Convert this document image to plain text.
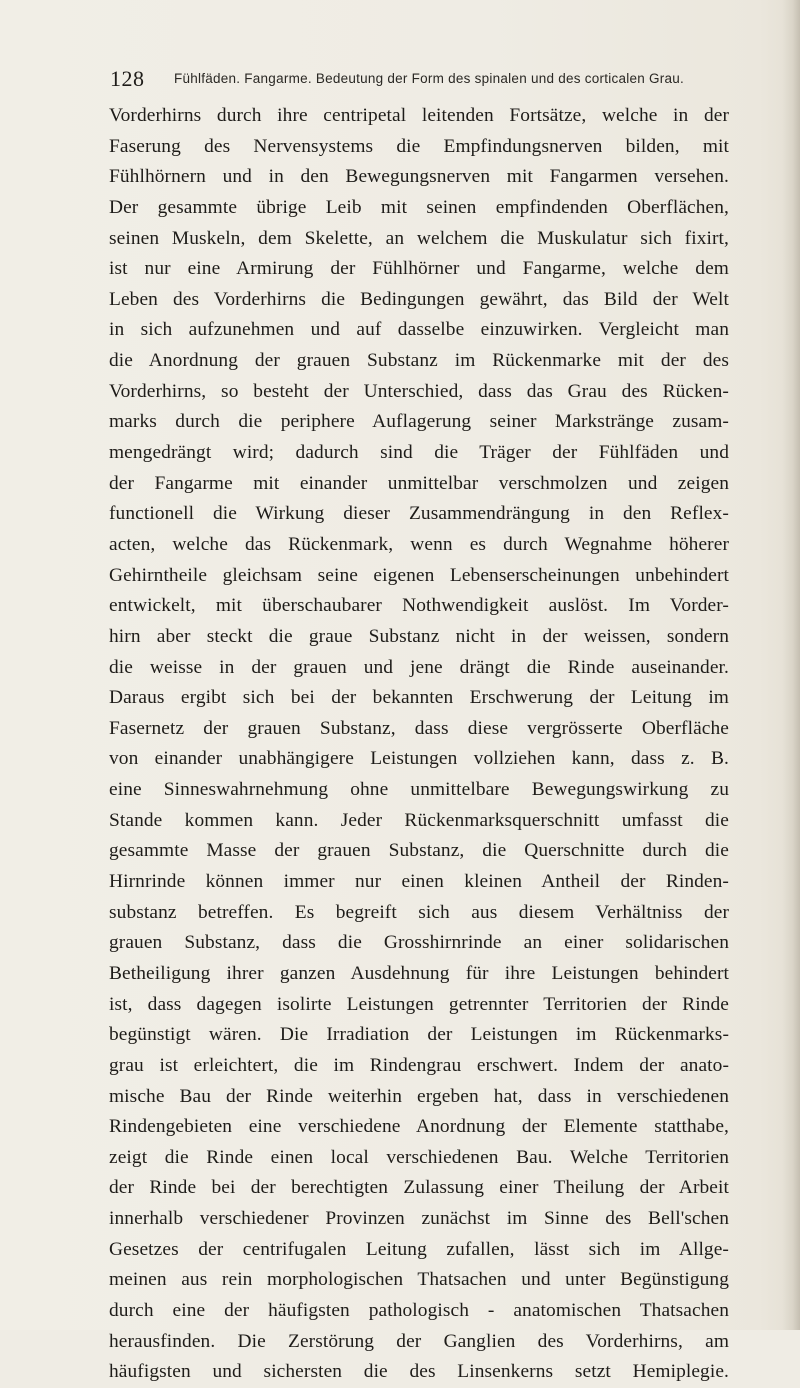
128 Fühlfäden. Fangarme. Bedeutung der Form des spinalen und des corticalen Grau.
Vorderhirns durch ihre centripetal leitenden Fortsätze, welche in der
Faserung des Nervensystems die Empfindungsnerven bilden, mit
Fühlhörnern und in den Bewegungsnerven mit Fangarmen versehen.
Der gesammte übrige Leib mit seinen empfindenden Oberflächen,
seinen Muskeln, dem Skelette, an welchem die Muskulatur sich fixirt,
ist nur eine Armirung der Fühlhörner und Fangarme, welche dem
Leben des Vorderhirns die Bedingungen gewährt, das Bild der Welt
in sich aufzunehmen und auf dasselbe einzuwirken. Vergleicht man
die Anordnung der grauen Substanz im Rückenmarke mit der des
Vorderhirns, so besteht der Unterschied, dass das Grau des Rücken-
marks durch die periphere Auflagerung seiner Markstränge zusam-
mengedrängt wird; dadurch sind die Träger der Fühlfäden und
der Fangarme mit einander unmittelbar verschmolzen und zeigen
functionell die Wirkung dieser Zusammendrängung in den Reflex-
acten, welche das Rückenmark, wenn es durch Wegnahme höherer
Gehirntheile gleichsam seine eigenen Lebenserscheinungen unbehindert
entwickelt, mit überschaubarer Nothwendigkeit auslöst. Im Vorder-
hirn aber steckt die graue Substanz nicht in der weissen, sondern
die weisse in der grauen und jene drängt die Rinde auseinander.
Daraus ergibt sich bei der bekannten Erschwerung der Leitung im
Fasernetz der grauen Substanz, dass diese vergrösserte Oberfläche
von einander unabhängigere Leistungen vollziehen kann, dass z. B.
eine Sinneswahrnehmung ohne unmittelbare Bewegungswirkung zu
Stande kommen kann. Jeder Rückenmarksquerschnitt umfasst die
gesammte Masse der grauen Substanz, die Querschnitte durch die
Hirnrinde können immer nur einen kleinen Antheil der Rinden-
substanz betreffen. Es begreift sich aus diesem Verhältniss der
grauen Substanz, dass die Grosshirnrinde an einer solidarischen
Betheiligung ihrer ganzen Ausdehnung für ihre Leistungen behindert
ist, dass dagegen isolirte Leistungen getrennter Territorien der Rinde
begünstigt wären. Die Irradiation der Leistungen im Rückenmarks-
grau ist erleichtert, die im Rindengrau erschwert. Indem der anato-
mische Bau der Rinde weiterhin ergeben hat, dass in verschiedenen
Rindengebieten eine verschiedene Anordnung der Elemente statthabe,
zeigt die Rinde einen local verschiedenen Bau. Welche Territorien
der Rinde bei der berechtigten Zulassung einer Theilung der Arbeit
innerhalb verschiedener Provinzen zunächst im Sinne des Bell'schen
Gesetzes der centrifugalen Leitung zufallen, lässt sich im Allge-
meinen aus rein morphologischen Thatsachen und unter Begünstigung
durch eine der häufigsten pathologisch - anatomischen Thatsachen
herausfinden. Die Zerstörung der Ganglien des Vorderhirns, am
häufigsten und sichersten die des Linsenkerns setzt Hemiplegie.
